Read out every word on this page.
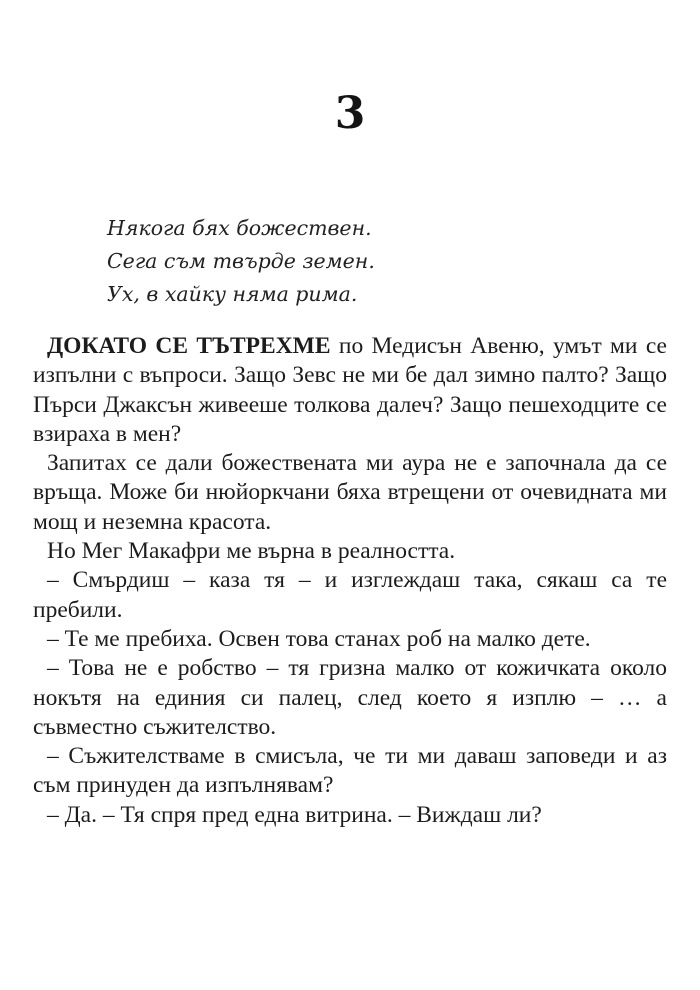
3
Някога бях божествен.
Сега съм твърде земен.
Ух, в хайку няма рима.

ДОКАТО СЕ ТЪТРЕХМЕ по Медисън Авеню, умът ми се изпълни с въпроси. Защо Зевс не ми бе дал зимно палто? Защо Пърси Джаксън живееше толкова далеч? Защо пешеходците се взираха в мен?

Запитах се дали божествената ми аура не е започнала да се връща. Може би нюйоркчани бяха втрещени от очевидната ми мощ и неземна красота.

Но Мег Макафри ме върна в реалността.

– Смърдиш – каза тя – и изглеждаш така, сякаш са те пребили.

– Те ме пребиха. Освен това станах роб на малко дете.

– Това не е робство – тя гризна малко от кожичката около нокътя на единия си палец, след което я изплю – … а съвместно съжителство.

– Съжителстваме в смисъла, че ти ми даваш заповеди и аз съм принуден да изпълнявам?

– Да. – Тя спря пред една витрина. – Виждаш ли?
